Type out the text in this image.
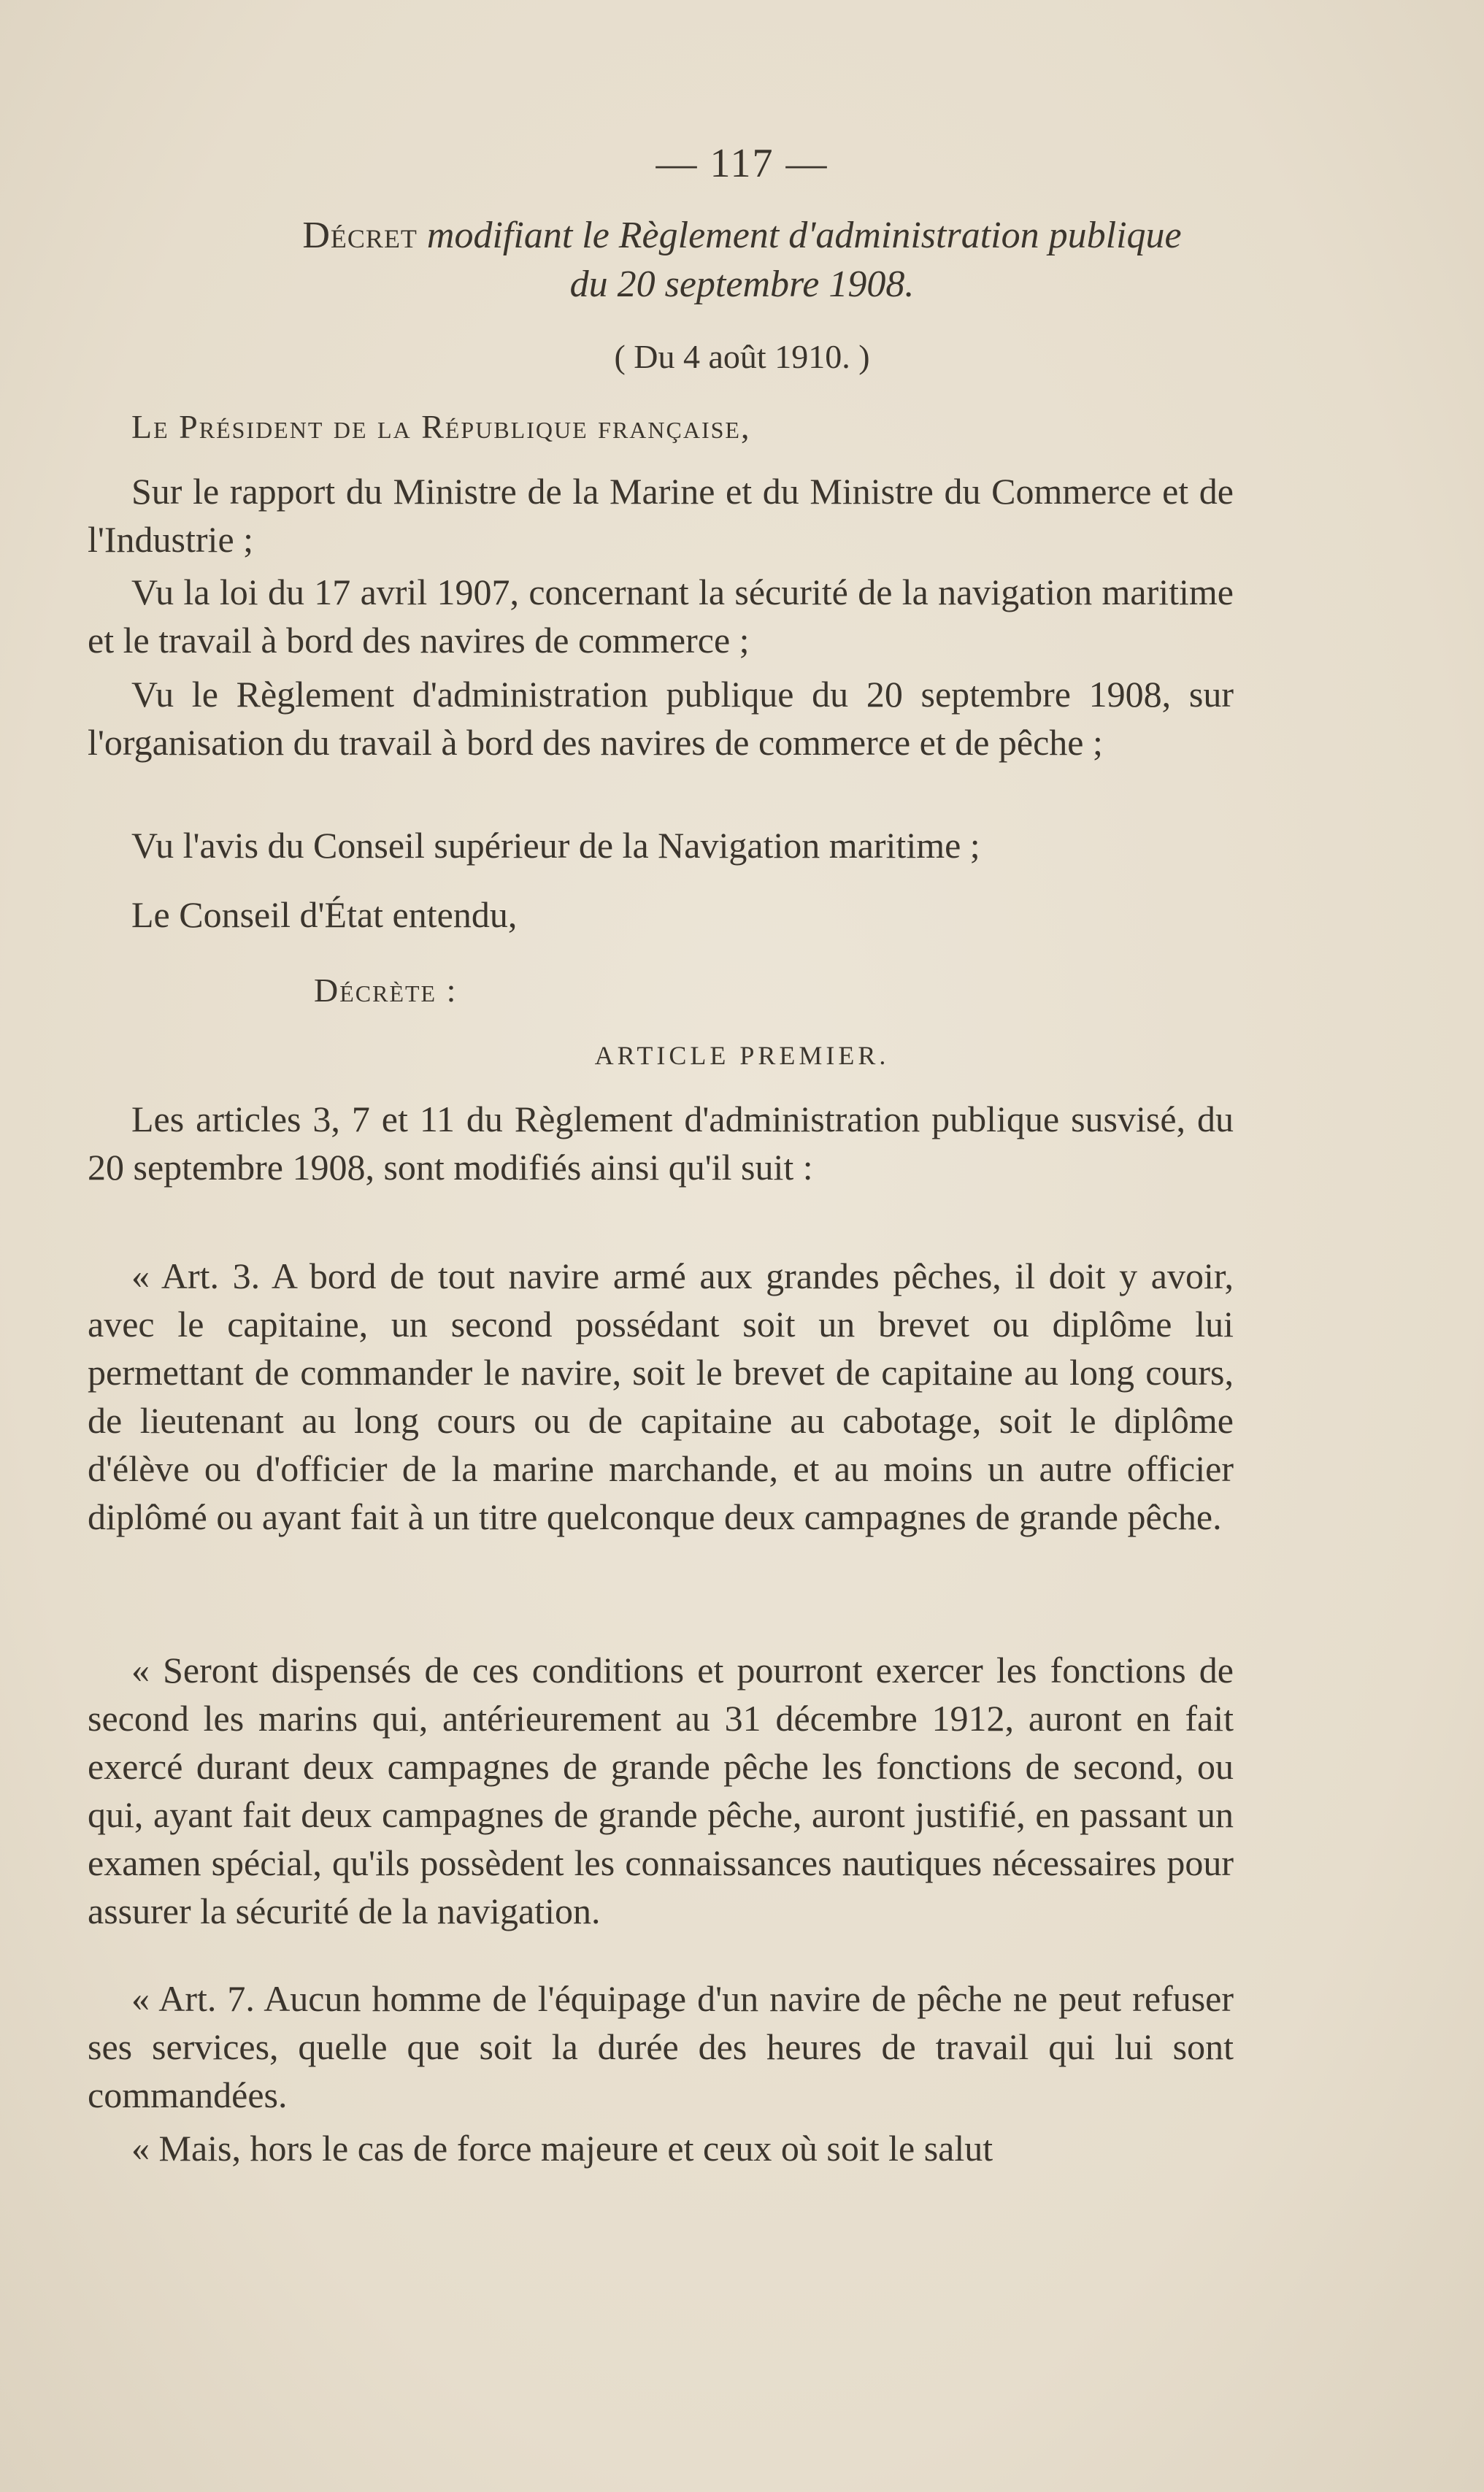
— 117 —
Décret modifiant le Règlement d'administration publique
du 20 septembre 1908.
( Du 4 août 1910. )
Le Président de la République française,
Sur le rapport du Ministre de la Marine et du Ministre du Commerce et de l'Industrie ;
Vu la loi du 17 avril 1907, concernant la sécurité de la navigation maritime et le travail à bord des navires de commerce ;
Vu le Règlement d'administration publique du 20 septembre 1908, sur l'organisation du travail à bord des navires de commerce et de pêche ;
Vu l'avis du Conseil supérieur de la Navigation maritime ;
Le Conseil d'État entendu,
Décrète :
ARTICLE PREMIER.
Les articles 3, 7 et 11 du Règlement d'administration publique susvisé, du 20 septembre 1908, sont modifiés ainsi qu'il suit :
« Art. 3. A bord de tout navire armé aux grandes pêches, il doit y avoir, avec le capitaine, un second possédant soit un brevet ou diplôme lui permettant de commander le navire, soit le brevet de capitaine au long cours, de lieutenant au long cours ou de capitaine au cabotage, soit le diplôme d'élève ou d'officier de la marine marchande, et au moins un autre officier diplômé ou ayant fait à un titre quelconque deux campagnes de grande pêche.
« Seront dispensés de ces conditions et pourront exercer les fonctions de second les marins qui, antérieurement au 31 décembre 1912, auront en fait exercé durant deux campagnes de grande pêche les fonctions de second, ou qui, ayant fait deux campagnes de grande pêche, auront justifié, en passant un examen spécial, qu'ils possèdent les connaissances nautiques nécessaires pour assurer la sécurité de la navigation.
« Art. 7. Aucun homme de l'équipage d'un navire de pêche ne peut refuser ses services, quelle que soit la durée des heures de travail qui lui sont commandées.
« Mais, hors le cas de force majeure et ceux où soit le salut
